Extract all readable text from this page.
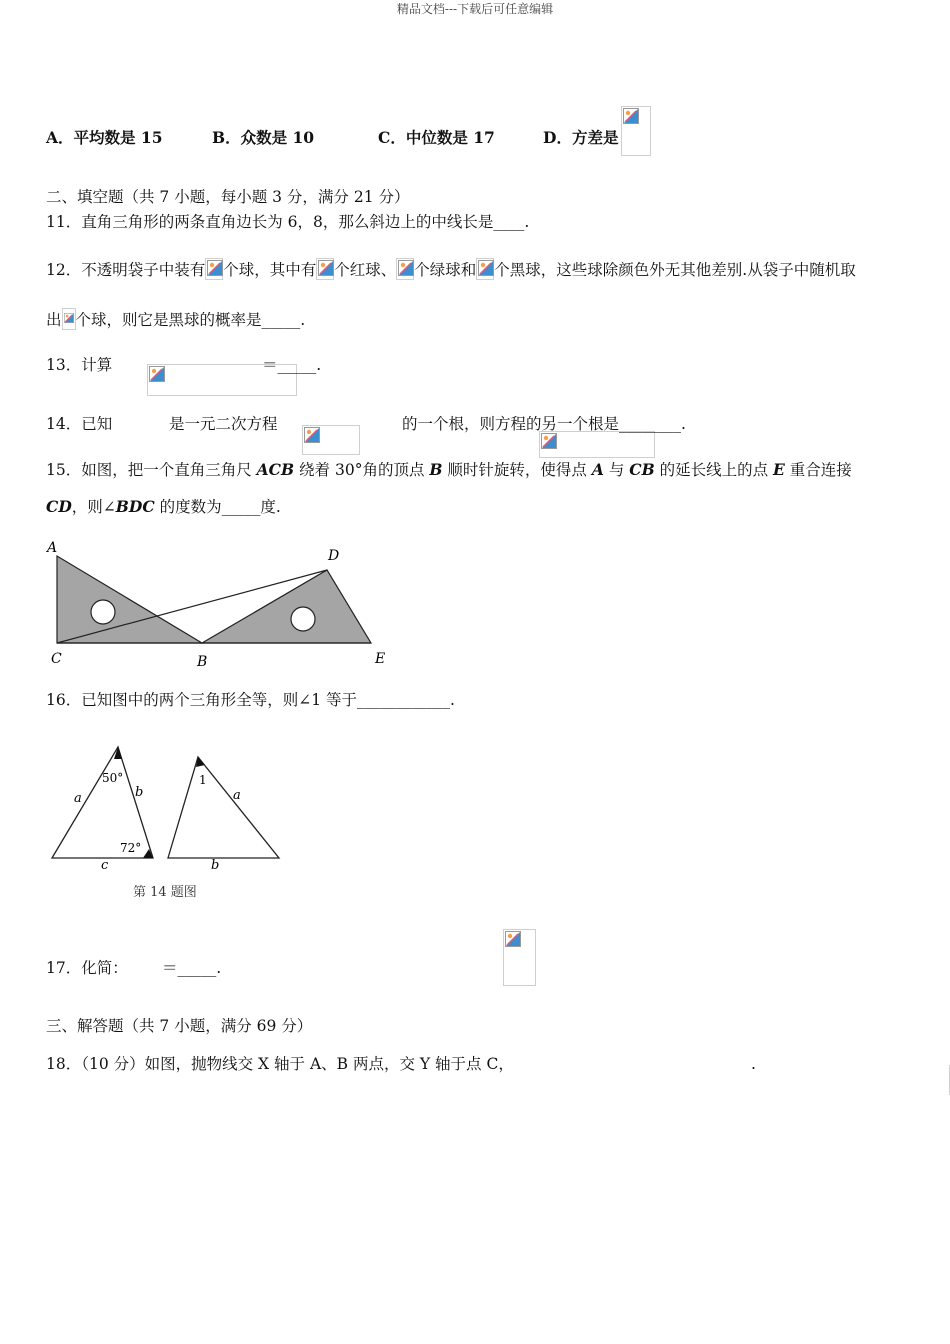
精品文档---下载后可任意编辑
A．平均数是 15	B．众数是 10	C．中位数是 17	D．方差是

二、填空题（共 7 小题，每小题 3 分，满分 21 分）
11．直角三角形的两条直角边长为 6，8，那么斜边上的中线长是____.
12．不透明袋子中装有 个球，其中有 个红球、 个绿球和 个黑球，这些球除颜色外无其他差别.从袋子中随机取
出 个球，则它是黑球的概率是_____.
13．计算
	＝_____.
14．已知
	是一元二次方程
	的一个根，则方程的另一个根是________.
15．如图，把一个直角三角尺 ACB 绕着 30°角的顶点 B 顺时针旋转，使得点 A 与 CB 的延长线上的点 E 重合连接
CD，则∠BDC 的度数为_____度.
A
C	B
D
E
16．已知图中的两个三角形全等，则∠1 等于____________.
a	b
c
50°
72°
1
a
b
第 14 题图
17．化简：
＝_____.
三、解答题（共 7 小题，满分 69 分）
18．（10 分）如图，抛物线交 X 轴于 A、B 两点，交 Y 轴于点 C，	.
